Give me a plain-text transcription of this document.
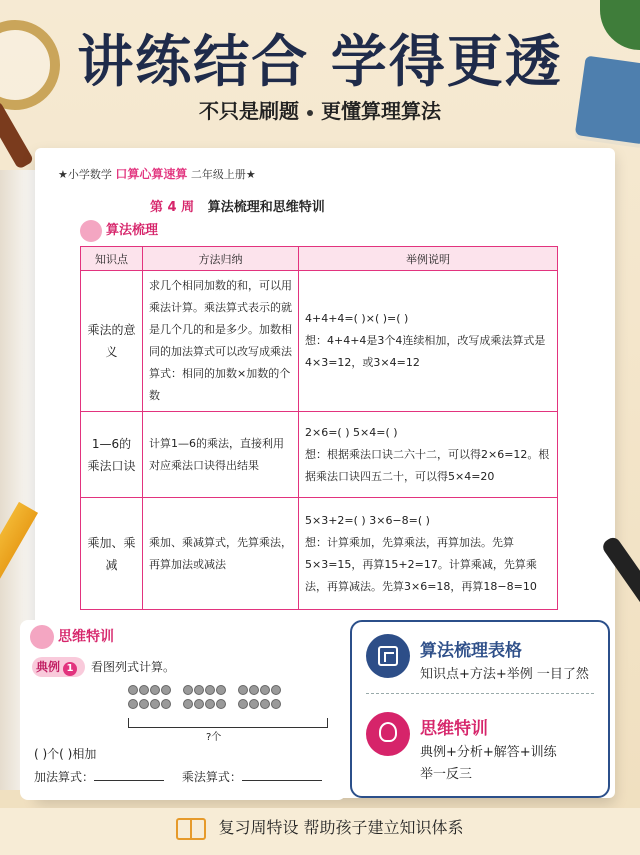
讲练结合 学得更透
不只是刷题 更懂算理算法
★小学数学 口算心算速算 二年级上册★
第 4 周 算法梳理和思维特训
算法梳理
知识点	方法归纳	举例说明
乘法的意义	求几个相同加数的和，可以用乘法计算。乘法算式表示的就是几个几的和是多少。加数相同的加法算式可以改写成乘法算式：相同的加数×加数的个数	4+4+4=( )×( )=( )
想：4+4+4是3个4连续相加，改写成乘法算式是4×3=12，或3×4=12

1—6的乘法口诀	计算1—6的乘法，直接利用对应乘法口诀得出结果	2×6=( ) 5×4=( )
想：根据乘法口诀二六十二，可以得2×6=12。根据乘法口诀四五二十，可以得5×4=20

乘加、乘减	乘加、乘减算式，先算乘法，再算加法或减法	5×3+2=( ) 3×6−8=( )
想：计算乘加，先算乘法，再算加法。先算5×3=15，再算15+2=17。计算乘减，先算乘法，再算减法。先算3×6=18，再算18−8=10
思维特训
典例 1 看图列式计算。
?个
( )个( )相加
加法算式：	乘法算式：
算法梳理表格
知识点+方法+举例 一目了然
思维特训
典例+分析+解答+训练
举一反三
复习周特设 帮助孩子建立知识体系
